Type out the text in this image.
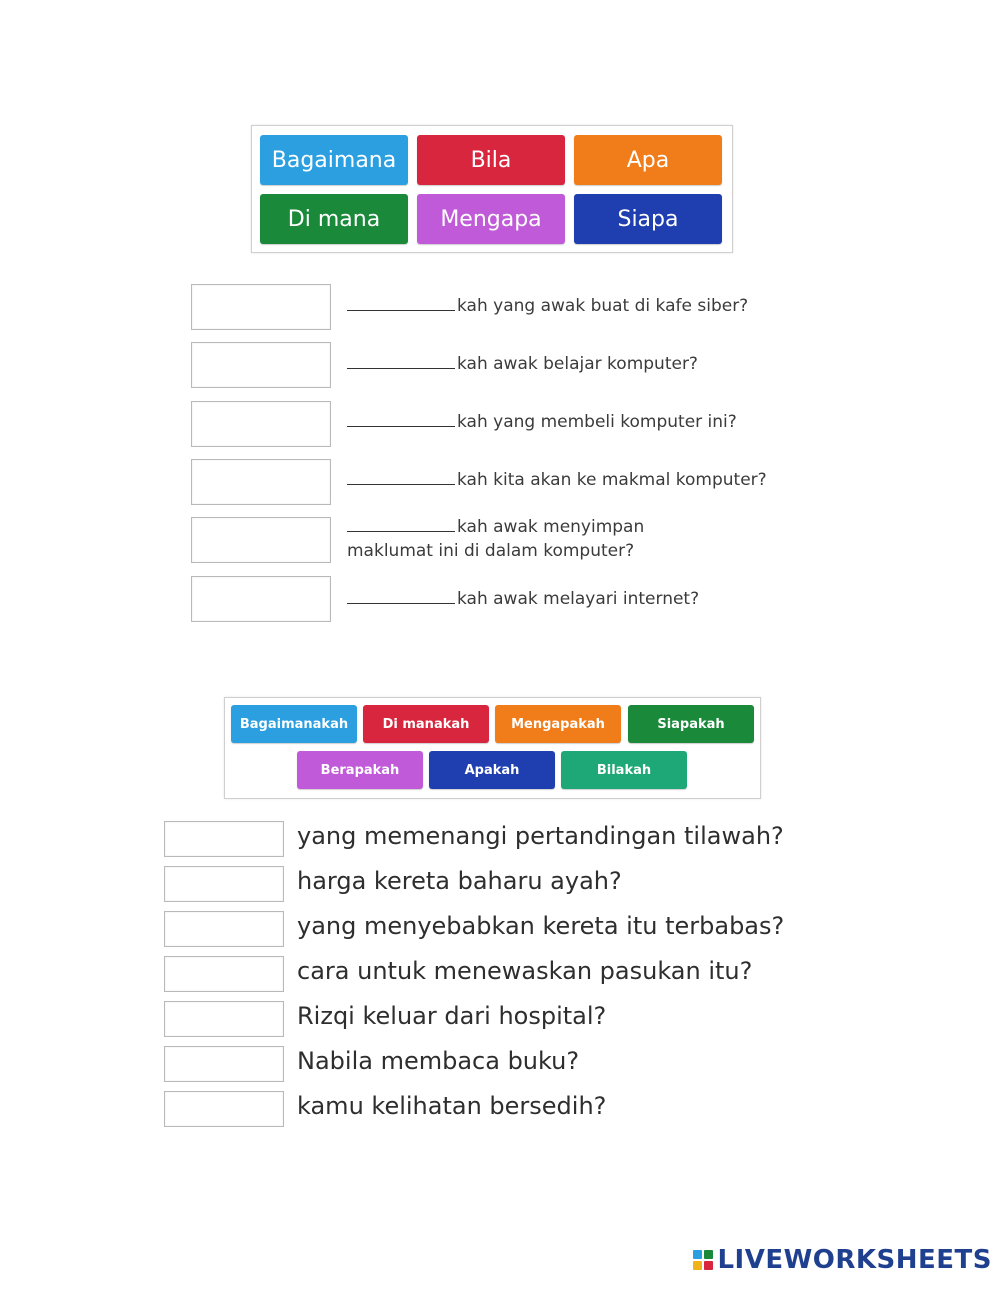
Bagaimana	Bila	Apa
Di mana	Mengapa	Siapa
kah yang awak buat di kafe siber?
kah awak belajar komputer?
kah yang membeli komputer ini?
kah kita akan ke makmal komputer?
kah awak menyimpan
maklumat ini di dalam komputer?
kah awak melayari internet?
Bagaimanakah	Di manakah	Mengapakah	Siapakah
Berapakah	Apakah	Bilakah
yang memenangi pertandingan tilawah?
harga kereta baharu ayah?
yang menyebabkan kereta itu terbabas?
cara untuk menewaskan pasukan itu?
Rizqi keluar dari hospital?
Nabila membaca buku?
kamu kelihatan bersedih?
LIVEWORKSHEETS
